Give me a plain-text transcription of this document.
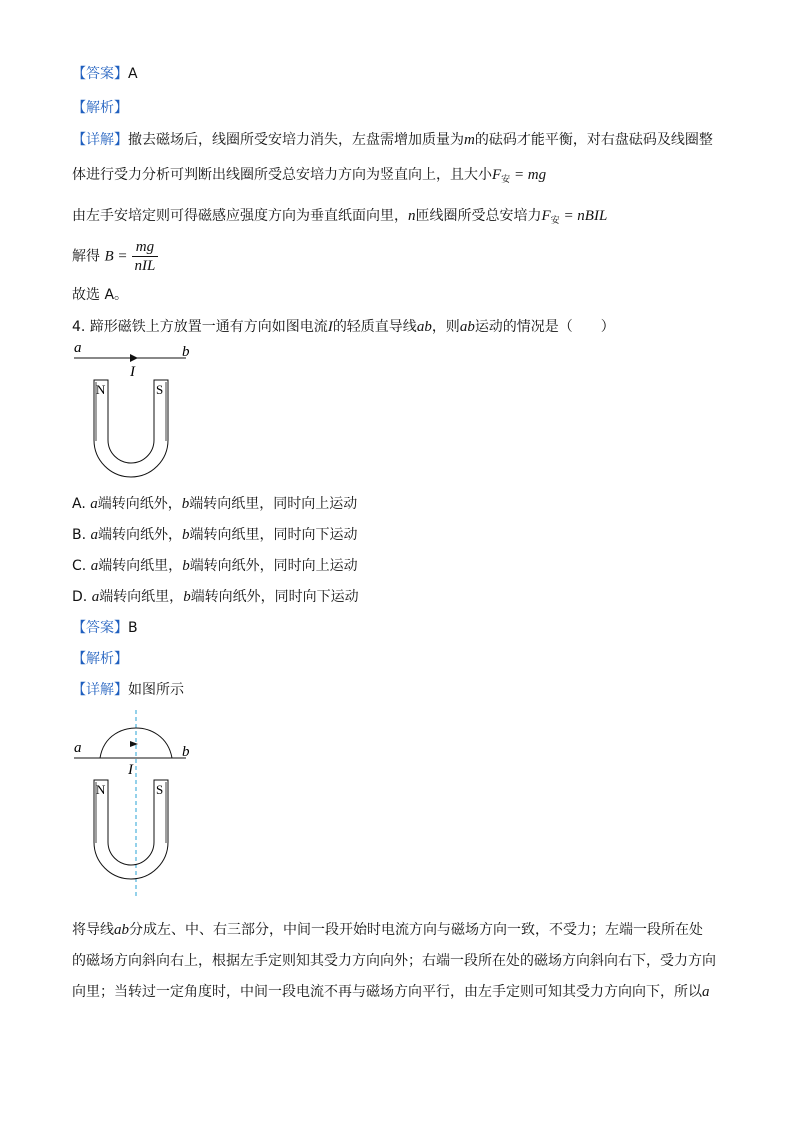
【答案】A
【解析】
【详解】撤去磁场后，线圈所受安培力消失，左盘需增加质量为m的砝码才能平衡，对右盘砝码及线圈整
体进行受力分析可判断出线圈所受总安培力方向为竖直向上，且大小$F_安$ = mg
由左手安培定则可得磁感应强度方向为垂直纸面向里，n匝线圈所受总安培力$F_安$ = nBIL
解得 $B = \frac{mg}{\text{nIL}}$
故选 A。
4. 蹄形磁铁上方放置一通有方向如图电流I的轻质直导线ab，则ab运动的情况是（　　）
a	b
I
N	S
A. a端转向纸外，b端转向纸里，同时向上运动
B. a端转向纸外，b端转向纸里，同时向下运动
C. a端转向纸里，b端转向纸外，同时向上运动
D. a端转向纸里，b端转向纸外，同时向下运动
【答案】B
【解析】
【详解】如图所示
a	b
I
N	S
将导线ab分成左、中、右三部分，中间一段开始时电流方向与磁场方向一致，不受力；左端一段所在处
的磁场方向斜向右上，根据左手定则知其受力方向向外；右端一段所在处的磁场方向斜向右下，受力方向
向里；当转过一定角度时，中间一段电流不再与磁场方向平行，由左手定则可知其受力方向向下，所以a
